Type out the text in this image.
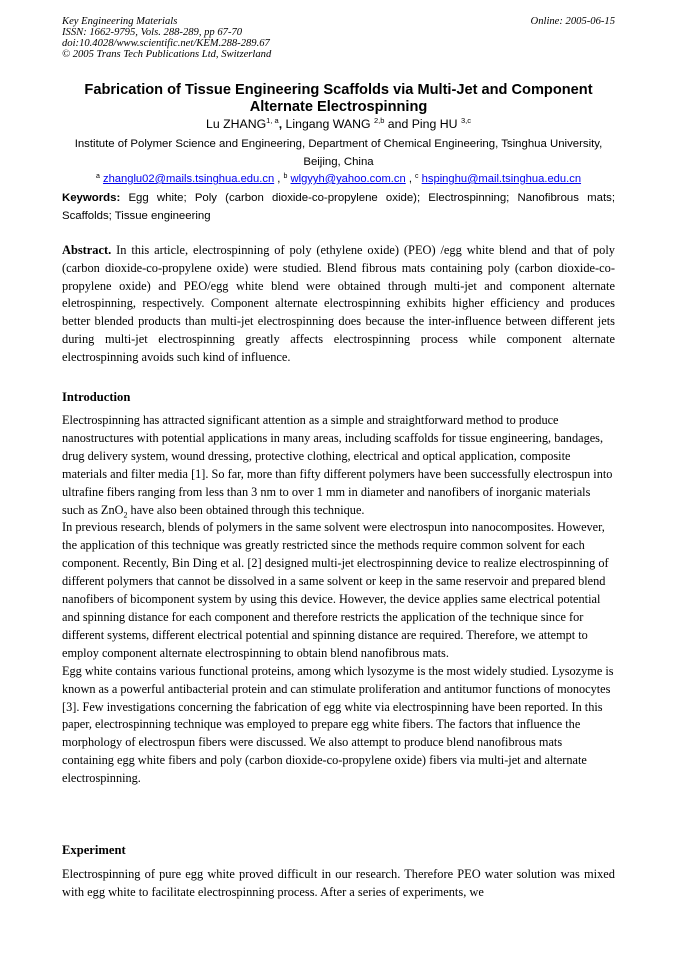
Key Engineering Materials
ISSN: 1662-9795, Vols. 288-289, pp 67-70
doi:10.4028/www.scientific.net/KEM.288-289.67
© 2005 Trans Tech Publications Ltd, Switzerland
Online: 2005-06-15
Fabrication of Tissue Engineering Scaffolds via Multi-Jet and Component Alternate Electrospinning
Lu ZHANG$^{1, a}$, Lingang WANG $^{2,b}$ and Ping HU $^{3,c}$
Institute of Polymer Science and Engineering, Department of Chemical Engineering, Tsinghua University, Beijing, China
$^a$ zhanglu02@mails.tsinghua.edu.cn , $^b$ wlgyyh@yahoo.com.cn , $^c$ hspinghu@mail.tsinghua.edu.cn
Keywords: Egg white; Poly (carbon dioxide-co-propylene oxide); Electrospinning; Nanofibrous mats; Scaffolds; Tissue engineering

Abstract. In this article, electrospinning of poly (ethylene oxide) (PEO) /egg white blend and that of poly (carbon dioxide-co-propylene oxide) were studied. Blend fibrous mats containing poly (carbon dioxide-co-propylene oxide) and PEO/egg white blend were obtained through multi-jet and component alternate eletrospinning, respectively. Component alternate electrospinning exhibits higher efficiency and produces better blended products than multi-jet electrospinning does because the inter-influence between different jets during multi-jet electrospinning greatly affects electrospinning process while component alternate electrospinning avoids such kind of influence.

Introduction

Electrospinning has attracted significant attention as a simple and straightforward method to produce nanostructures with potential applications in many areas, including scaffolds for tissue engineering, bandages, drug delivery system, wound dressing, protective clothing, electrical and optical application, composite materials and filter media [1]. So far, more than fifty different polymers have been successfully electrospun into ultrafine fibers ranging from less than 3 nm to over 1 mm in diameter and nanofibers of inorganic materials such as ZnO$_2$ have also been obtained through this technique.

In previous research, blends of polymers in the same solvent were electrospun into nanocomposites. However, the application of this technique was greatly restricted since the methods require common solvent for each component. Recently, Bin Ding et al. [2] designed multi-jet electrospinning device to realize electrospinning of different polymers that cannot be dissolved in a same solvent or keep in the same reservoir and prepared blend nanofibers of bicomponent system by using this device. However, the device applies same electrical potential and spinning distance for each component and therefore restricts the application of the technique since for different systems, different electrical potential and spinning distance are required. Therefore, we attempt to employ component alternate electrospinning to obtain blend nanofibrous mats.

Egg white contains various functional proteins, among which lysozyme is the most widely studied. Lysozyme is known as a powerful antibacterial protein and can stimulate proliferation and antitumor functions of monocytes [3]. Few investigations concerning the fabrication of egg white via electrospinning have been reported. In this paper, electrospinning technique was employed to prepare egg white fibers. The factors that influence the morphology of electrospun fibers were discussed. We also attempt to produce blend nanofibrous mats containing egg white fibers and poly (carbon dioxide-co-propylene oxide) fibers via multi-jet and alternate electrospinning.

Experiment

Electrospinning of pure egg white proved difficult in our research. Therefore PEO water solution was mixed with egg white to facilitate electrospinning process. After a series of experiments, we
